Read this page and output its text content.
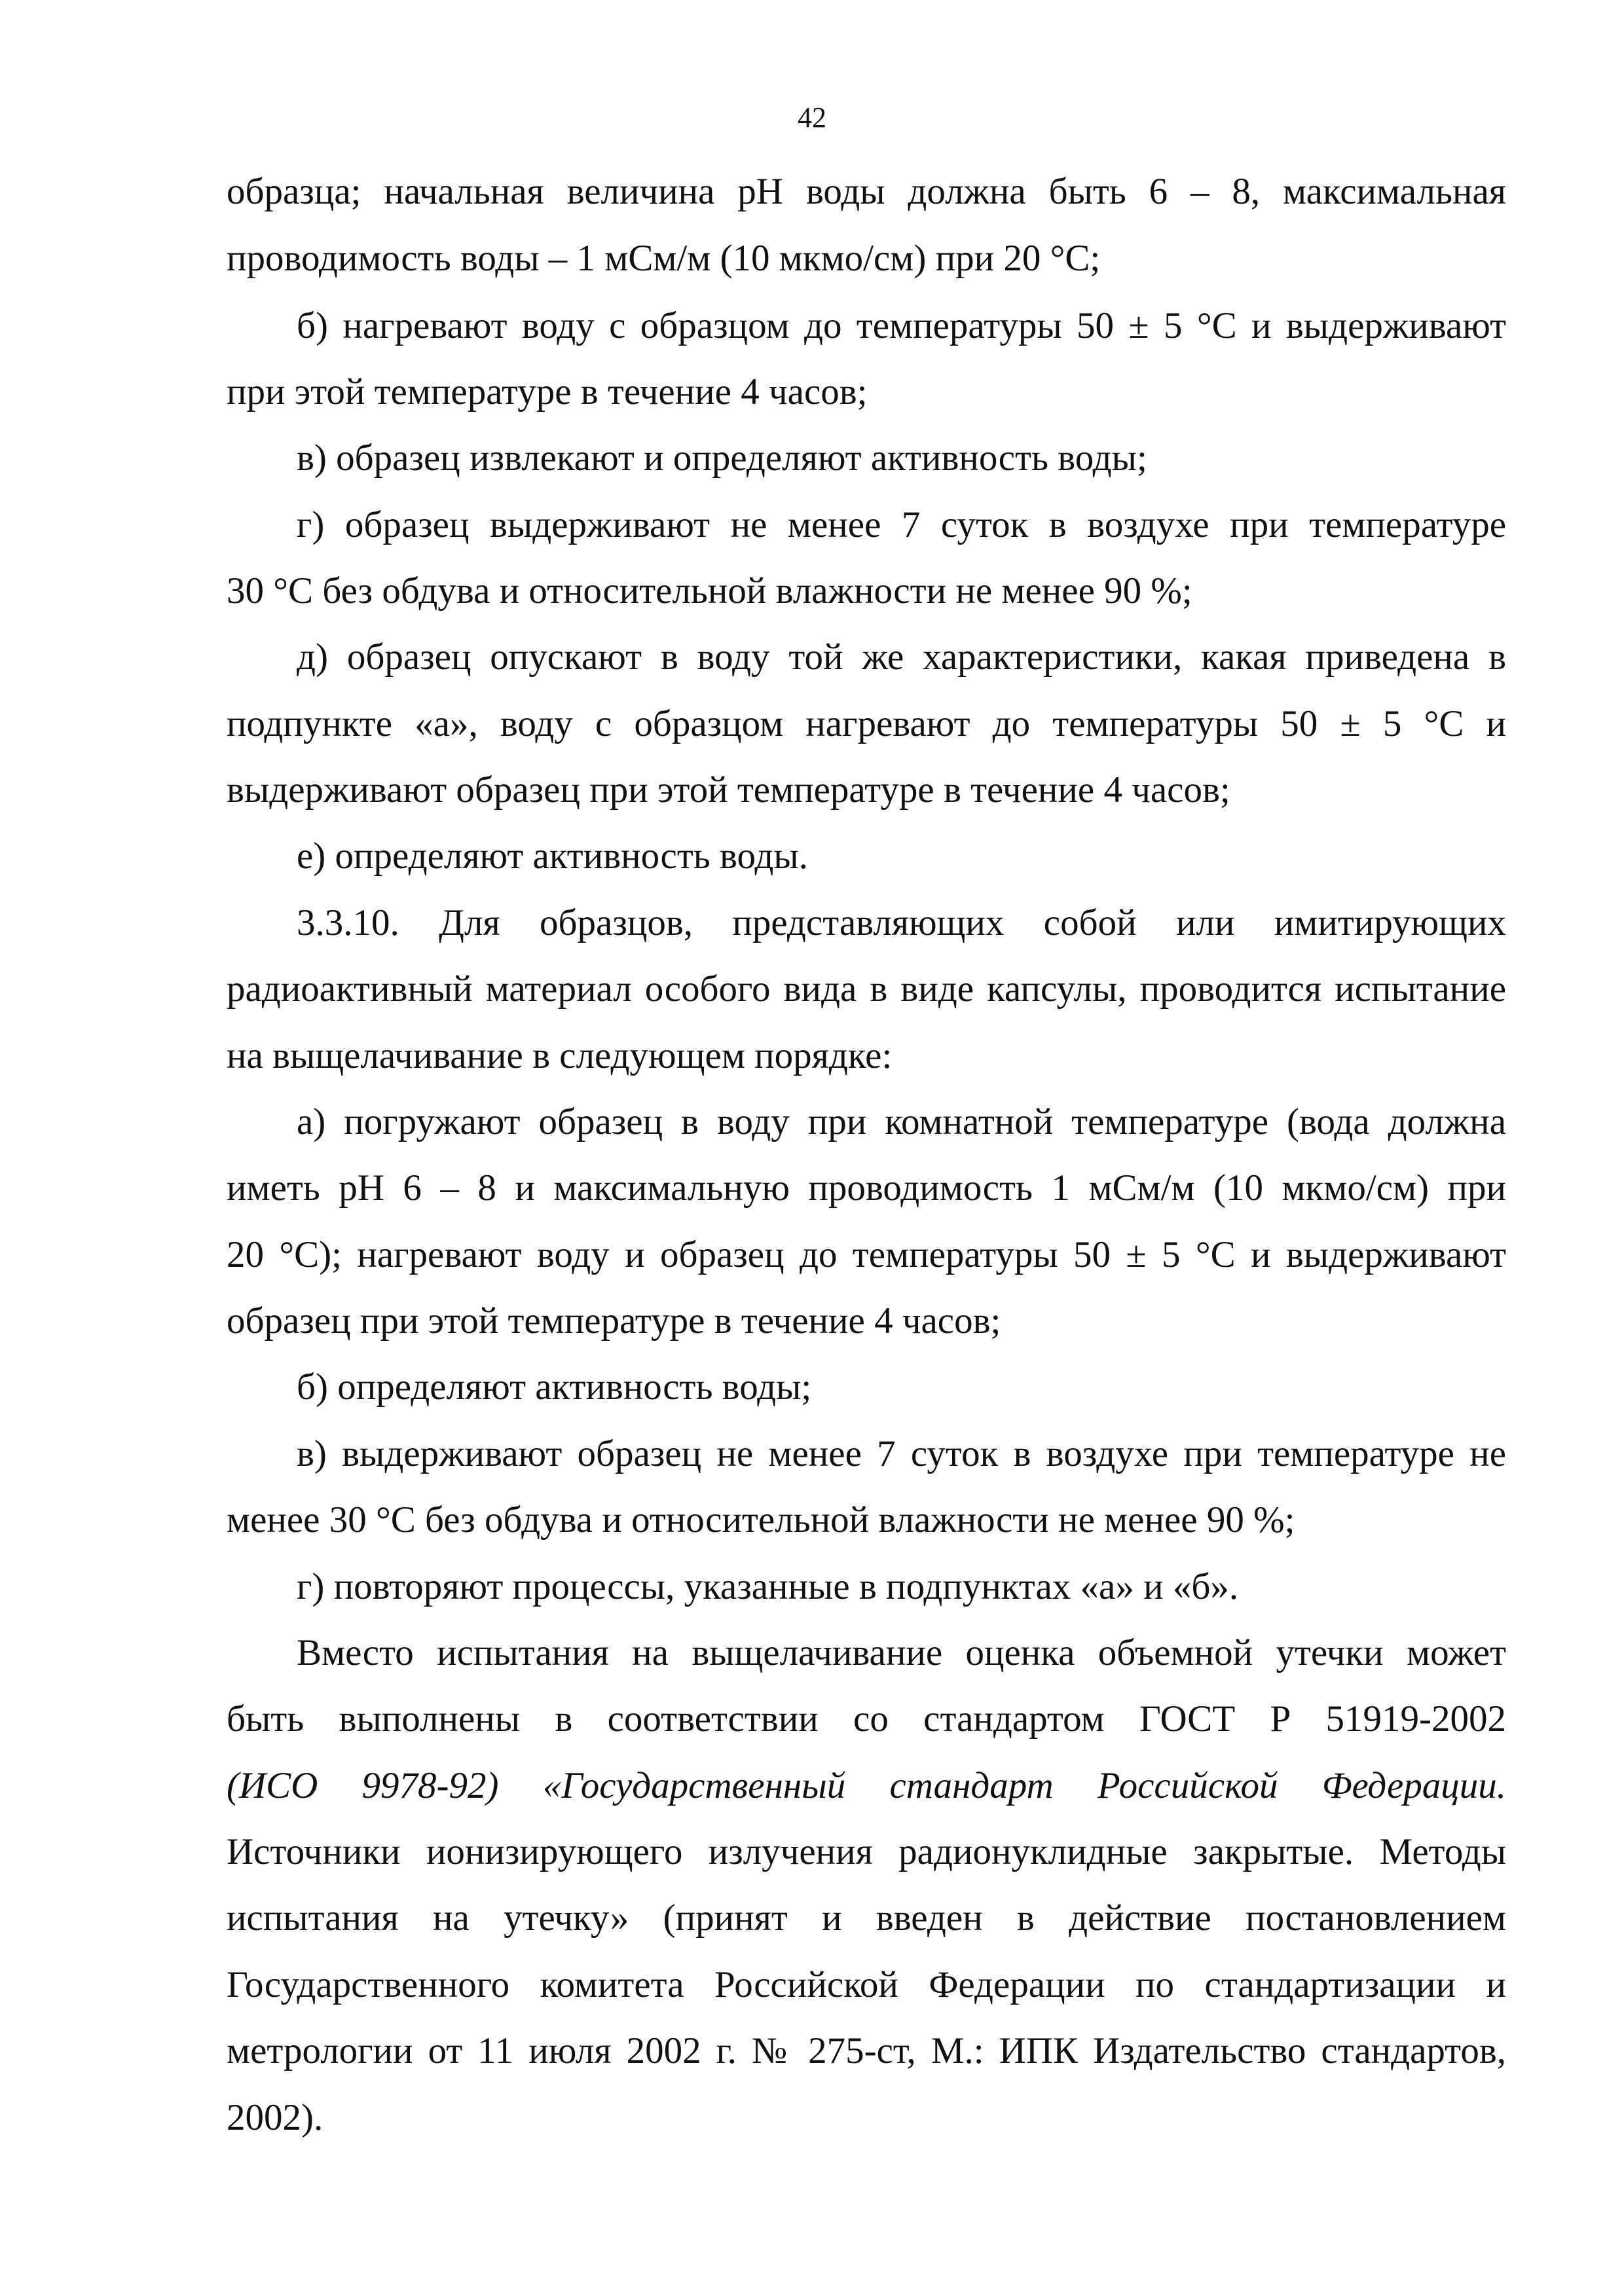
42

образца; начальная величина pH воды должна быть 6 – 8, максимальная

проводимость воды – 1 мСм/м (10 мкмо/см) при 20 °С;

б) нагревают воду с образцом до температуры 50 ± 5 °С и выдерживают

при этой температуре в течение 4 часов;

в) образец извлекают и определяют активность воды;

г) образец выдерживают не менее 7 суток в воздухе при температуре

30 °С без обдува и относительной влажности не менее 90 %;

д) образец опускают в воду той же характеристики, какая приведена в

подпункте «а», воду с образцом нагревают до температуры 50 ± 5 °С и

выдерживают образец при этой температуре в течение 4 часов;

е) определяют активность воды.

3.3.10. Для образцов, представляющих собой или имитирующих

радиоактивный материал особого вида в виде капсулы, проводится испытание

на выщелачивание в следующем порядке:

а) погружают образец в воду при комнатной температуре (вода должна

иметь pH 6 – 8 и максимальную проводимость 1 мСм/м (10 мкмо/см) при

20 °С); нагревают воду и образец до температуры 50 ± 5 °С и выдерживают

образец при этой температуре в течение 4 часов;

б) определяют активность воды;

в) выдерживают образец не менее 7 суток в воздухе при температуре не

менее 30 °С без обдува и относительной влажности не менее 90 %;

г) повторяют процессы, указанные в подпунктах «а» и «б».

Вместо испытания на выщелачивание оценка объемной утечки может

быть выполнены в соответствии со стандартом ГОСТ Р 51919-2002

(ИСО 9978-92) «Государственный стандарт Российской Федерации.

Источники ионизирующего излучения радионуклидные закрытые. Методы

испытания на утечку» (принят и введен в действие постановлением

Государственного комитета Российской Федерации по стандартизации и

метрологии от 11 июля 2002 г. № 275-ст, М.: ИПК Издательство стандартов,

2002).
